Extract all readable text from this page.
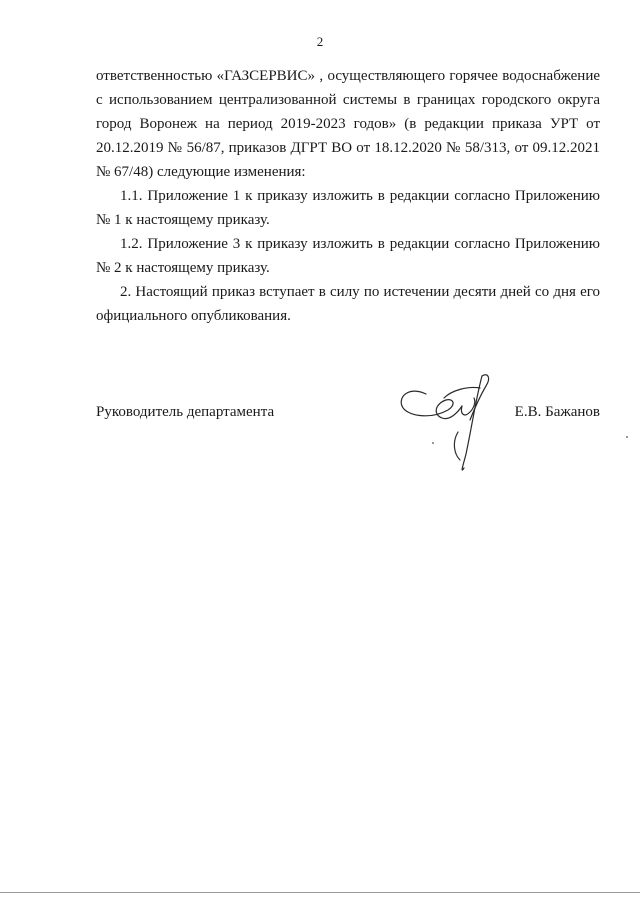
2

ответственностью «ГАЗСЕРВИС» , осуществляющего горячее водоснабжение с использованием централизованной системы в границах городского округа город Воронеж на период 2019-2023 годов» (в редакции приказа УРТ от 20.12.2019 № 56/87, приказов ДГРТ ВО от 18.12.2020 № 58/313, от 09.12.2021 № 67/48) следующие изменения:

1.1. Приложение 1 к приказу изложить в редакции согласно Приложению № 1 к настоящему приказу.

1.2. Приложение 3 к приказу изложить в редакции согласно Приложению № 2 к настоящему приказу.

2. Настоящий приказ вступает в силу по истечении десяти дней со дня его официального опубликования.

Руководитель департамента	Е.В. Бажанов
